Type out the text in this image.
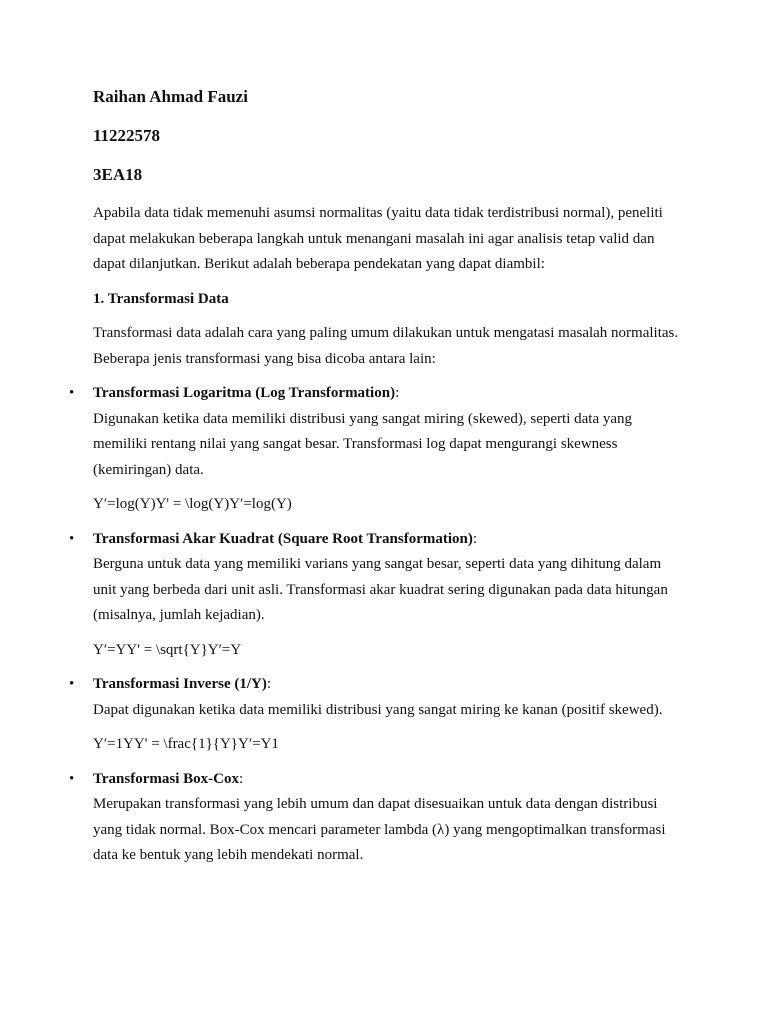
Raihan Ahmad Fauzi
11222578
3EA18

Apabila data tidak memenuhi asumsi normalitas (yaitu data tidak terdistribusi normal), peneliti dapat melakukan beberapa langkah untuk menangani masalah ini agar analisis tetap valid dan dapat dilanjutkan. Berikut adalah beberapa pendekatan yang dapat diambil:

1. Transformasi Data

Transformasi data adalah cara yang paling umum dilakukan untuk mengatasi masalah normalitas. Beberapa jenis transformasi yang bisa dicoba antara lain:

• Transformasi Logaritma (Log Transformation):

Digunakan ketika data memiliki distribusi yang sangat miring (skewed), seperti data yang memiliki rentang nilai yang sangat besar. Transformasi log dapat mengurangi skewness (kemiringan) data.

Y′=log(Y)Y' = \log(Y)Y′=log(Y)

• Transformasi Akar Kuadrat (Square Root Transformation):

Berguna untuk data yang memiliki varians yang sangat besar, seperti data yang dihitung dalam unit yang berbeda dari unit asli. Transformasi akar kuadrat sering digunakan pada data hitungan (misalnya, jumlah kejadian).

Y′=YY' = \sqrt{Y}Y′=Y

• Transformasi Inverse (1/Y):

Dapat digunakan ketika data memiliki distribusi yang sangat miring ke kanan (positif skewed).

Y′=1YY' = \frac{1}{Y}Y′=Y1

• Transformasi Box-Cox:

Merupakan transformasi yang lebih umum dan dapat disesuaikan untuk data dengan distribusi yang tidak normal. Box-Cox mencari parameter lambda (λ) yang mengoptimalkan transformasi data ke bentuk yang lebih mendekati normal.
